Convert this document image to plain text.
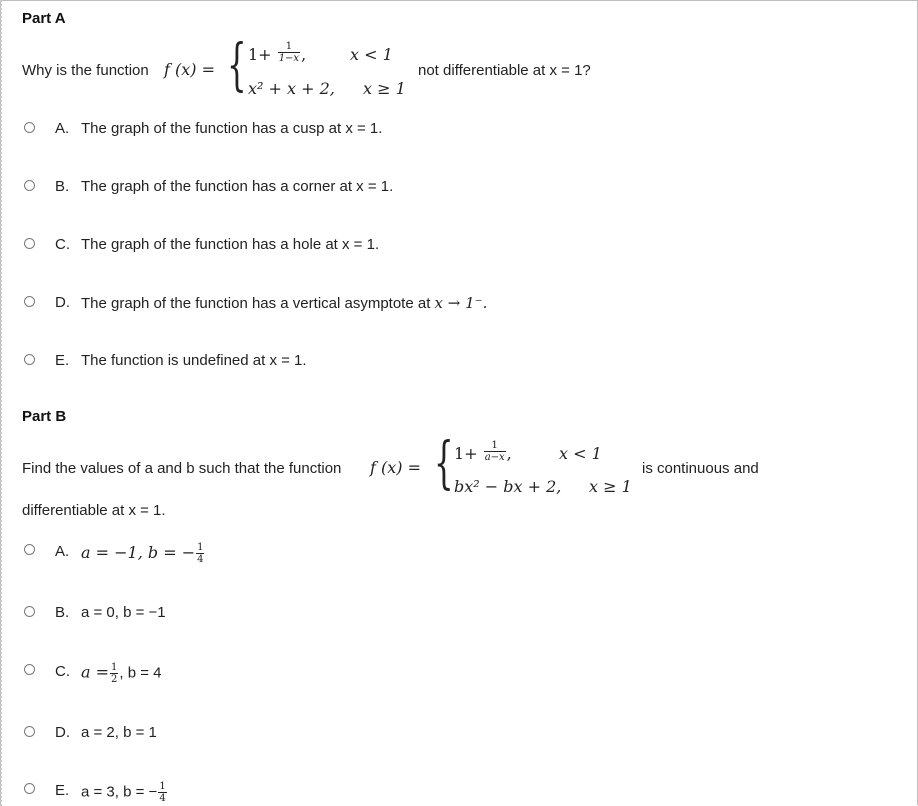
Part A
Why is the function f (x) = { $1+ \frac{1}{1-x}$ ,	x < 1
x² + x + 2, x ≥ 1
not differentiable at x = 1?
A. The graph of the function has a cusp at x = 1.
B. The graph of the function has a corner at x = 1.
C. The graph of the function has a hole at x = 1.
D. The graph of the function has a vertical asymptote at x → 1⁻.
E. The function is undefined at x = 1.
Part B
Find the values of a and b such that the function f (x) = { $1+ \frac{1}{a-x}$ ,	x < 1
bx² − bx + 2, x ≥ 1
is continuous and
differentiable at x = 1.
A. a = −1, b = − $\frac{1}{4}$
B. a = 0, b = −1
C. $a = \frac{1}{2}$ , b = 4
D. a = 2, b = 1
E. a = 3, b = − $\frac{1}{4}$
